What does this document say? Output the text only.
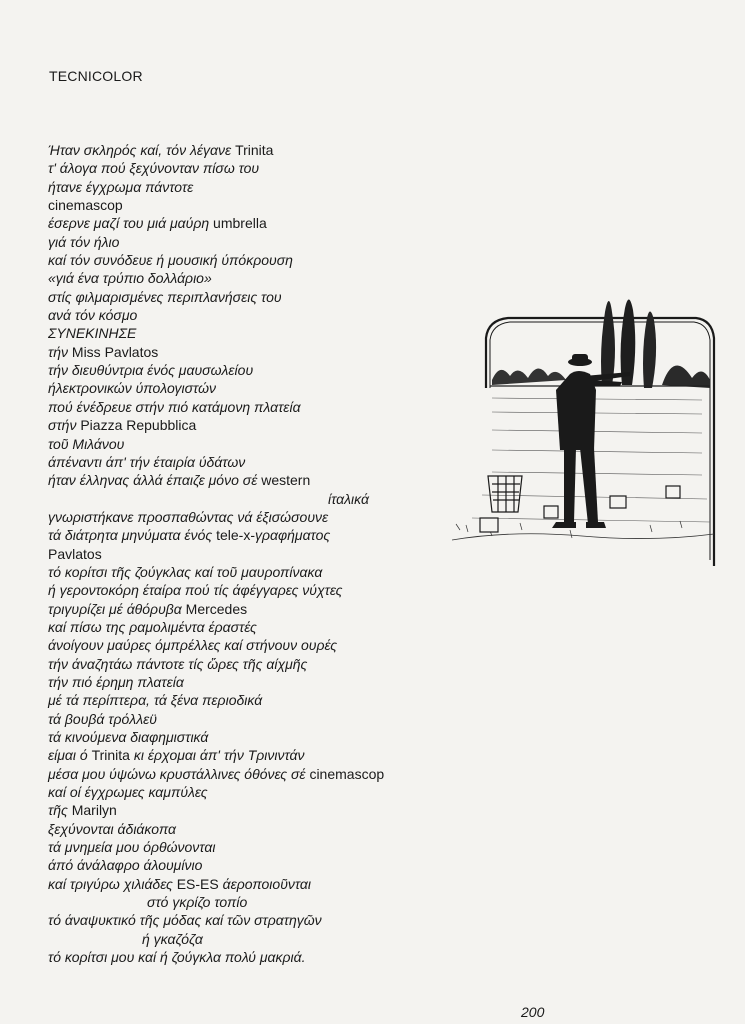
TECNICOLOR
Ήταν σκληρός καί, τόν λέγανε Trinita
τ' άλογα πού ξεχύνονταν πίσω του
ήτανε έγχρωμα πάντοτε
cinemascop
έσερνε μαζί του μιά μαύρη umbrella
γιά τόν ήλιο
καί τόν συνόδευε ή μουσική ύπόκρουση
«γιά ένα τρύπιο δολλάριο»
στίς φιλμαρισμένες περιπλανήσεις του
ανά τόν κόσμο
ΣΥΝΕΚΙΝΗΣΕ
τήν Miss Pavlatos
τήν διευθύντρια ένός μαυσωλείου
ήλεκτρονικών ύπολογιστών
πού ένέδρευε στήν πιό κατάμονη πλατεία
στήν Piazza Repubblica
τοῦ Μιλάνου
άπέναντι άπ' τήν έταιρία ύδάτων
ήταν έλληνας άλλά έπαιζε μόνο σέ western
ίταλικά
γνωριστήκανε προσπαθώντας νά έξισώσουνε
τά διάτρητα μηνύματα ένός tele-x-γραφήματος
Pavlatos
τό κορίτσι τῆς ζούγκλας καί τοῦ μαυροπίνακα
ή γεροντοκόρη έταίρα πού τίς άφέγγαρες νύχτες
τριγυρίζει μέ άθόρυβα Mercedes
καί πίσω της ραμολιμέντα έραστές
άνοίγουν μαύρες όμπρέλλες καί στήνουν ουρές
τήν άναζητάω πάντοτε τίς ὥρες τῆς αίχμῆς
τήν πιό έρημη πλατεία
μέ τά περίπτερα, τά ξένα περιοδικά
τά βουβά τρόλλεϋ
τά κινούμενα διαφημιστικά
είμαι ό Trinita κι έρχομαι άπ' τήν Τρινιντάν
μέσα μου ύψώνω κρυστάλλινες όθόνες σέ cinemascop
καί οί έγχρωμες καμπύλες
τῆς Marilyn
ξεχύνονται άδιάκοπα
τά μνημεία μου όρθώνονται
άπό άνάλαφρο άλουμίνιο
καί τριγύρω χιλιάδες ES-ES άεροποιοῦνται
στό γκρίζο τοπίο
τό άναψυκτικό τῆς μόδας καί τῶν στρατηγῶν
ή γκαζόζα
τό κορίτσι μου καί ή ζούγκλα πολύ μακριά.
200
